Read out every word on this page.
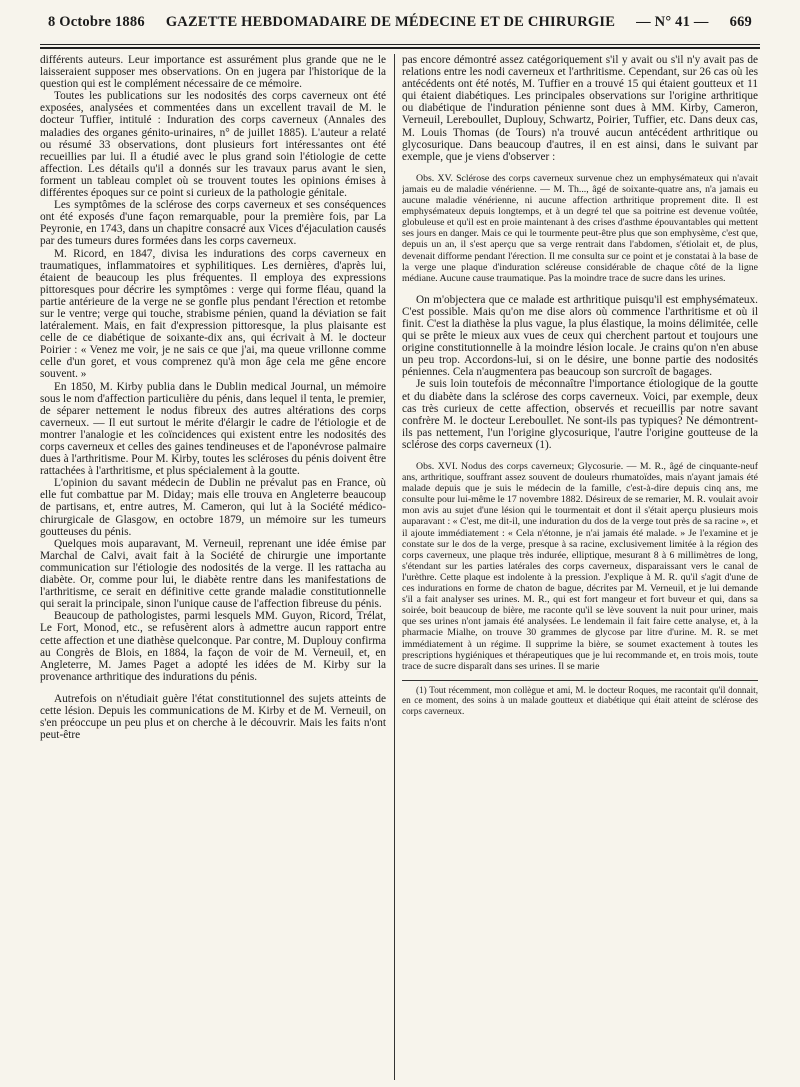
8 Octobre 1886 GAZETTE HEBDOMADAIRE DE MÉDECINE ET DE CHIRURGIE — N° 41 — 669

différents auteurs. Leur importance est assurément plus grande que ne le laisseraient supposer mes observations. On en jugera par l'historique de la question qui est le complément nécessaire de ce mémoire.

Toutes les publications sur les nodosités des corps caverneux ont été exposées, analysées et commentées dans un excellent travail de M. le docteur Tuffier, intitulé : Induration des corps caverneux (Annales des maladies des organes génito-urinaires, n° de juillet 1885). L'auteur a relaté ou résumé 33 observations, dont plusieurs fort intéressantes ont été recueillies par lui. Il a étudié avec le plus grand soin l'étiologie de cette affection. Les détails qu'il a donnés sur les travaux parus avant le sien, forment un tableau complet où se trouvent toutes les opinions émises à différentes époques sur ce point si curieux de la pathologie génitale.

Les symptômes de la sclérose des corps caverneux et ses conséquences ont été exposés d'une façon remarquable, pour la première fois, par La Peyronie, en 1743, dans un chapitre consacré aux Vices d'éjaculation causés par des tumeurs dures formées dans les corps caverneux.

M. Ricord, en 1847, divisa les indurations des corps caverneux en traumatiques, inflammatoires et syphilitiques. Les dernières, d'après lui, étaient de beaucoup les plus fréquentes. Il employa des expressions pittoresques pour décrire les symptômes : verge qui forme fléau, quand la partie antérieure de la verge ne se gonfle plus pendant l'érection et retombe sur le ventre; verge qui touche, strabisme pénien, quand la déviation se fait latéralement. Mais, en fait d'expression pittoresque, la plus plaisante est celle de ce diabétique de soixante-dix ans, qui écrivait à M. le docteur Poirier : « Venez me voir, je ne sais ce que j'ai, ma queue vrillonne comme celle d'un goret, et vous comprenez qu'à mon âge cela me gêne encore souvent. »

En 1850, M. Kirby publia dans le Dublin medical Journal, un mémoire sous le nom d'affection particulière du pénis, dans lequel il tenta, le premier, de séparer nettement le nodus fibreux des autres altérations des corps caverneux. — Il eut surtout le mérite d'élargir le cadre de l'étiologie et de montrer l'analogie et les coïncidences qui existent entre les nodosités des corps caverneux et celles des gaines tendineuses et de l'aponévrose palmaire dues à l'arthritisme. Pour M. Kirby, toutes les scléroses du pénis doivent être rattachées à l'arthritisme, et plus spécialement à la goutte.

L'opinion du savant médecin de Dublin ne prévalut pas en France, où elle fut combattue par M. Diday; mais elle trouva en Angleterre beaucoup de partisans, et, entre autres, M. Cameron, qui lut à la Société médico-chirurgicale de Glasgow, en octobre 1879, un mémoire sur les tumeurs goutteuses du pénis.

Quelques mois auparavant, M. Verneuil, reprenant une idée émise par Marchal de Calvi, avait fait à la Société de chirurgie une importante communication sur l'étiologie des nodosités de la verge. Il les rattacha au diabète. Or, comme pour lui, le diabète rentre dans les manifestations de l'arthritisme, ce serait en définitive cette grande maladie constitutionnelle qui serait la principale, sinon l'unique cause de l'affection fibreuse du pénis.

Beaucoup de pathologistes, parmi lesquels MM. Guyon, Ricord, Trélat, Le Fort, Monod, etc., se refusèrent alors à admettre aucun rapport entre cette affection et une diathèse quelconque. Par contre, M. Duplouy confirma au Congrès de Blois, en 1884, la façon de voir de M. Verneuil, et, en Angleterre, M. James Paget a adopté les idées de M. Kirby sur la provenance arthritique des indurations du pénis.

Autrefois on n'étudiait guère l'état constitutionnel des sujets atteints de cette lésion. Depuis les communications de M. Kirby et de M. Verneuil, on s'en préoccupe un peu plus et on cherche à le découvrir. Mais les faits n'ont peut-être

pas encore démontré assez catégoriquement s'il y avait ou s'il n'y avait pas de relations entre les nodi caverneux et l'arthritisme. Cependant, sur 26 cas où les antécédents ont été notés, M. Tuffier en a trouvé 15 qui étaient goutteux et 11 qui étaient diabétiques. Les principales observations sur l'origine arthritique ou diabétique de l'induration pénienne sont dues à MM. Kirby, Cameron, Verneuil, Lereboullet, Duplouy, Schwartz, Poirier, Tuffier, etc. Dans deux cas, M. Louis Thomas (de Tours) n'a trouvé aucun antécédent arthritique ou glycosurique. Dans beaucoup d'autres, il en est ainsi, dans le suivant par exemple, que je viens d'observer :

Obs. XV. Sclérose des corps caverneux survenue chez un emphysémateux qui n'avait jamais eu de maladie vénérienne. — M. Th..., âgé de soixante-quatre ans, n'a jamais eu aucune maladie vénérienne, ni aucune affection arthritique proprement dite. Il est emphysémateux depuis longtemps, et à un degré tel que sa poitrine est devenue voûtée, globuleuse et qu'il est en proie maintenant à des crises d'asthme épouvantables qui mettent ses jours en danger. Mais ce qui le tourmente peut-être plus que son emphysème, c'est que, depuis un an, il s'est aperçu que sa verge rentrait dans l'abdomen, s'étiolait et, de plus, devenait difforme pendant l'érection. Il me consulta sur ce point et je constatai à la base de la verge une plaque d'induration scléreuse considérable de chaque côté de la ligne médiane. Aucune cause traumatique. Pas la moindre trace de sucre dans les urines.

On m'objectera que ce malade est arthritique puisqu'il est emphysémateux. C'est possible. Mais qu'on me dise alors où commence l'arthritisme et où il finit. C'est la diathèse la plus vague, la plus élastique, la moins délimitée, celle qui se prête le mieux aux vues de ceux qui cherchent partout et toujours une origine constitutionnelle à la moindre lésion locale. Je crains qu'on n'en abuse un peu trop. Accordons-lui, si on le désire, une bonne partie des nodosités péniennes. Cela n'augmentera pas beaucoup son surcroît de bagages.

Je suis loin toutefois de méconnaître l'importance étiologique de la goutte et du diabète dans la sclérose des corps caverneux. Voici, par exemple, deux cas très curieux de cette affection, observés et recueillis par notre savant confrère M. le docteur Lereboullet. Ne sont-ils pas typiques? Ne démontrent-ils pas nettement, l'un l'origine glycosurique, l'autre l'origine goutteuse de la sclérose des corps caverneux (1).

Obs. XVI. Nodus des corps caverneux; Glycosurie. — M. R., âgé de cinquante-neuf ans, arthritique, souffrant assez souvent de douleurs rhumatoïdes, mais n'ayant jamais été malade depuis que je suis le médecin de la famille, c'est-à-dire depuis cinq ans, me consulte pour lui-même le 17 novembre 1882. Désireux de se remarier, M. R. voulait avoir mon avis au sujet d'une lésion qui le tourmentait et dont il s'était aperçu plusieurs mois auparavant : « C'est, me dit-il, une induration du dos de la verge tout près de sa racine », et il ajoute immédiatement : « Cela n'étonne, je n'ai jamais été malade. » Je l'examine et je constate sur le dos de la verge, presque à sa racine, exclusivement limitée à la région des corps caverneux, une plaque très indurée, elliptique, mesurant 8 à 6 millimètres de long, s'étendant sur les parties latérales des corps caverneux, disparaissant vers le canal de l'urèthre. Cette plaque est indolente à la pression. J'explique à M. R. qu'il s'agit d'une de ces indurations en forme de chaton de bague, décrites par M. Verneuil, et je lui demande s'il a fait analyser ses urines. M. R., qui est fort mangeur et fort buveur et qui, dans sa soirée, boit beaucoup de bière, me raconte qu'il se lève souvent la nuit pour uriner, mais que ses urines n'ont jamais été analysées. Le lendemain il fait faire cette analyse, et, à la pharmacie Mialhe, on trouve 30 grammes de glycose par litre d'urine. M. R. se met immédiatement à un régime. Il supprime la bière, se soumet exactement à toutes les prescriptions hygiéniques et thérapeutiques que je lui recommande et, en trois mois, toute trace de sucre disparaît dans ses urines. Il se marie

(1) Tout récemment, mon collègue et ami, M. le docteur Roques, me racontait qu'il donnait, en ce moment, des soins à un malade goutteux et diabétique qui était atteint de sclérose des corps caverneux.
